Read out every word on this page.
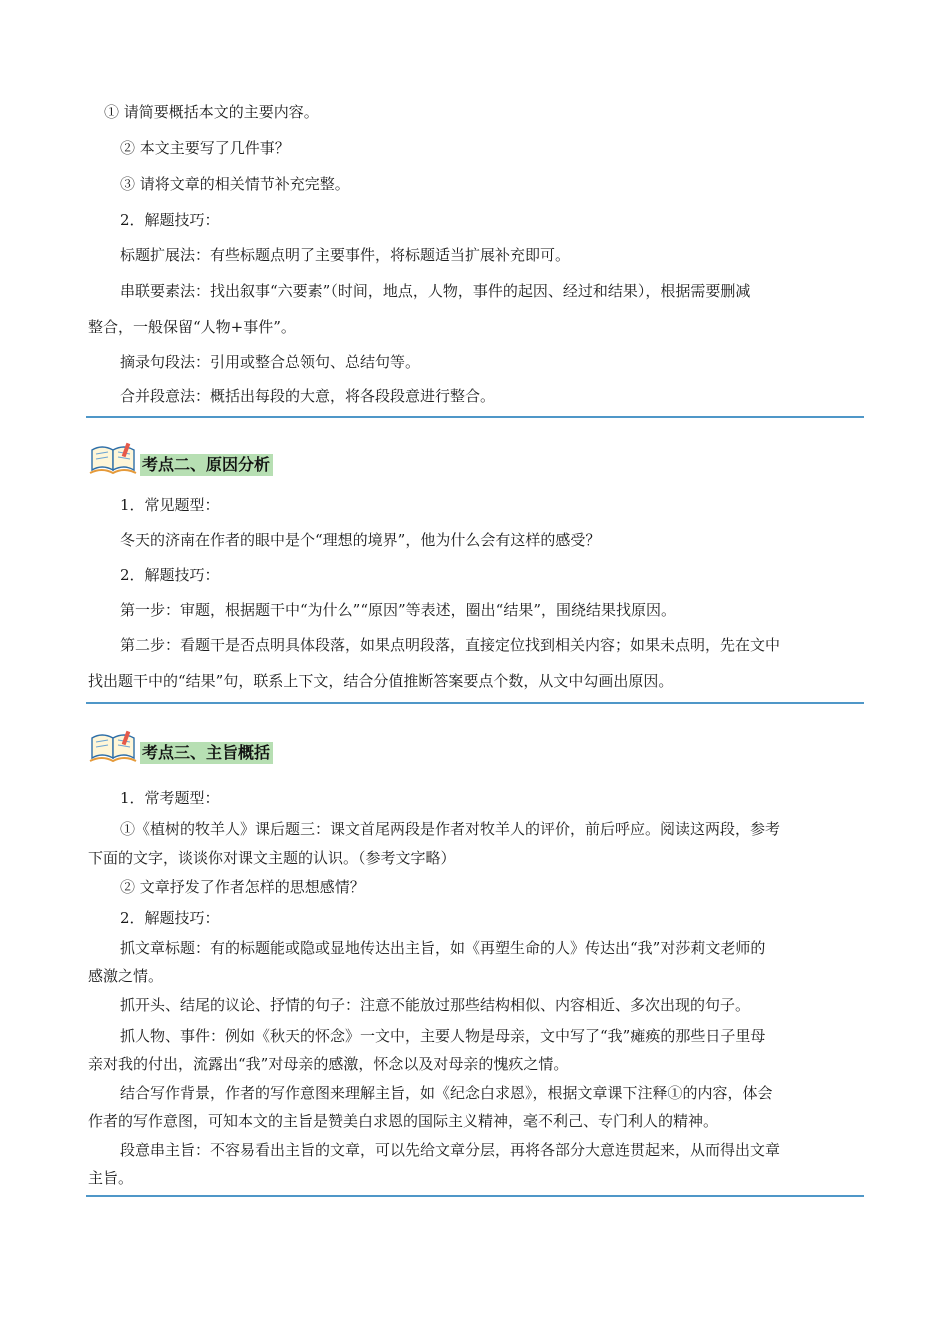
① 请简要概括本文的主要内容。
② 本文主要写了几件事？
③ 请将文章的相关情节补充完整。
2．解题技巧：
标题扩展法：有些标题点明了主要事件，将标题适当扩展补充即可。
串联要素法：找出叙事“六要素”（时间，地点，人物，事件的起因、经过和结果），根据需要删减
整合，一般保留“人物+事件”。
摘录句段法：引用或整合总领句、总结句等。
合并段意法：概括出每段的大意，将各段段意进行整合。
考点二、原因分析
1．常见题型：
冬天的济南在作者的眼中是个“理想的境界”，他为什么会有这样的感受？
2．解题技巧：
第一步：审题，根据题干中“为什么”“原因”等表述，圈出“结果”，围绕结果找原因。
第二步：看题干是否点明具体段落，如果点明段落，直接定位找到相关内容；如果未点明，先在文中
找出题干中的“结果”句，联系上下文，结合分值推断答案要点个数，从文中勾画出原因。
考点三、主旨概括
1．常考题型：
①《植树的牧羊人》课后题三：课文首尾两段是作者对牧羊人的评价，前后呼应。阅读这两段，参考
下面的文字，谈谈你对课文主题的认识。（参考文字略）
② 文章抒发了作者怎样的思想感情？
2．解题技巧：
抓文章标题：有的标题能或隐或显地传达出主旨，如《再塑生命的人》传达出“我”对莎莉文老师的
感激之情。
抓开头、结尾的议论、抒情的句子：注意不能放过那些结构相似、内容相近、多次出现的句子。
抓人物、事件：例如《秋天的怀念》一文中，主要人物是母亲，文中写了“我”瘫痪的那些日子里母
亲对我的付出，流露出“我”对母亲的感激，怀念以及对母亲的愧疚之情。
结合写作背景，作者的写作意图来理解主旨，如《纪念白求恩》，根据文章课下注释①的内容，体会
作者的写作意图，可知本文的主旨是赞美白求恩的国际主义精神，毫不利己、专门利人的精神。
段意串主旨：不容易看出主旨的文章，可以先给文章分层，再将各部分大意连贯起来，从而得出文章
主旨。
